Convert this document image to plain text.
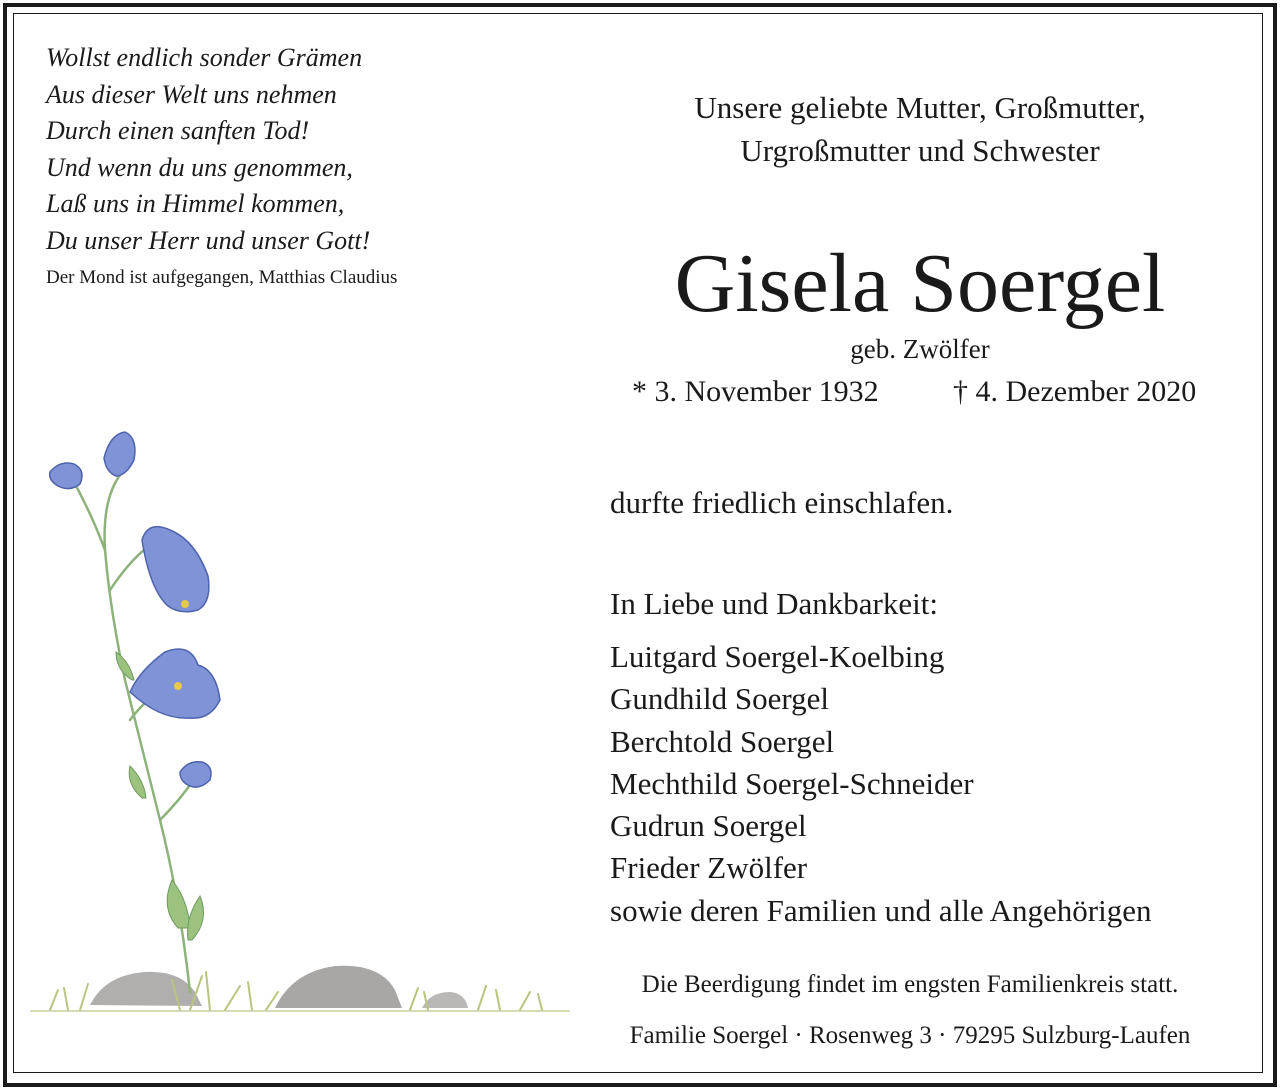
Wollst endlich sonder Grämen
Aus dieser Welt uns nehmen
Durch einen sanften Tod!
Und wenn du uns genommen,
Laß uns in Himmel kommen,
Du unser Herr und unser Gott!
Der Mond ist aufgegangen, Matthias Claudius
Unsere geliebte Mutter, Großmutter,
Urgroßmutter und Schwester
Gisela Soergel
geb. Zwölfer
* 3. November 1932 † 4. Dezember 2020
durfte friedlich einschlafen.
In Liebe und Dankbarkeit:
Luitgard Soergel-Koelbing
Gundhild Soergel
Berchtold Soergel
Mechthild Soergel-Schneider
Gudrun Soergel
Frieder Zwölfer
sowie deren Familien und alle Angehörigen
Die Beerdigung findet im engsten Familienkreis statt.
Familie Soergel · Rosenweg 3 · 79295 Sulzburg-Laufen
